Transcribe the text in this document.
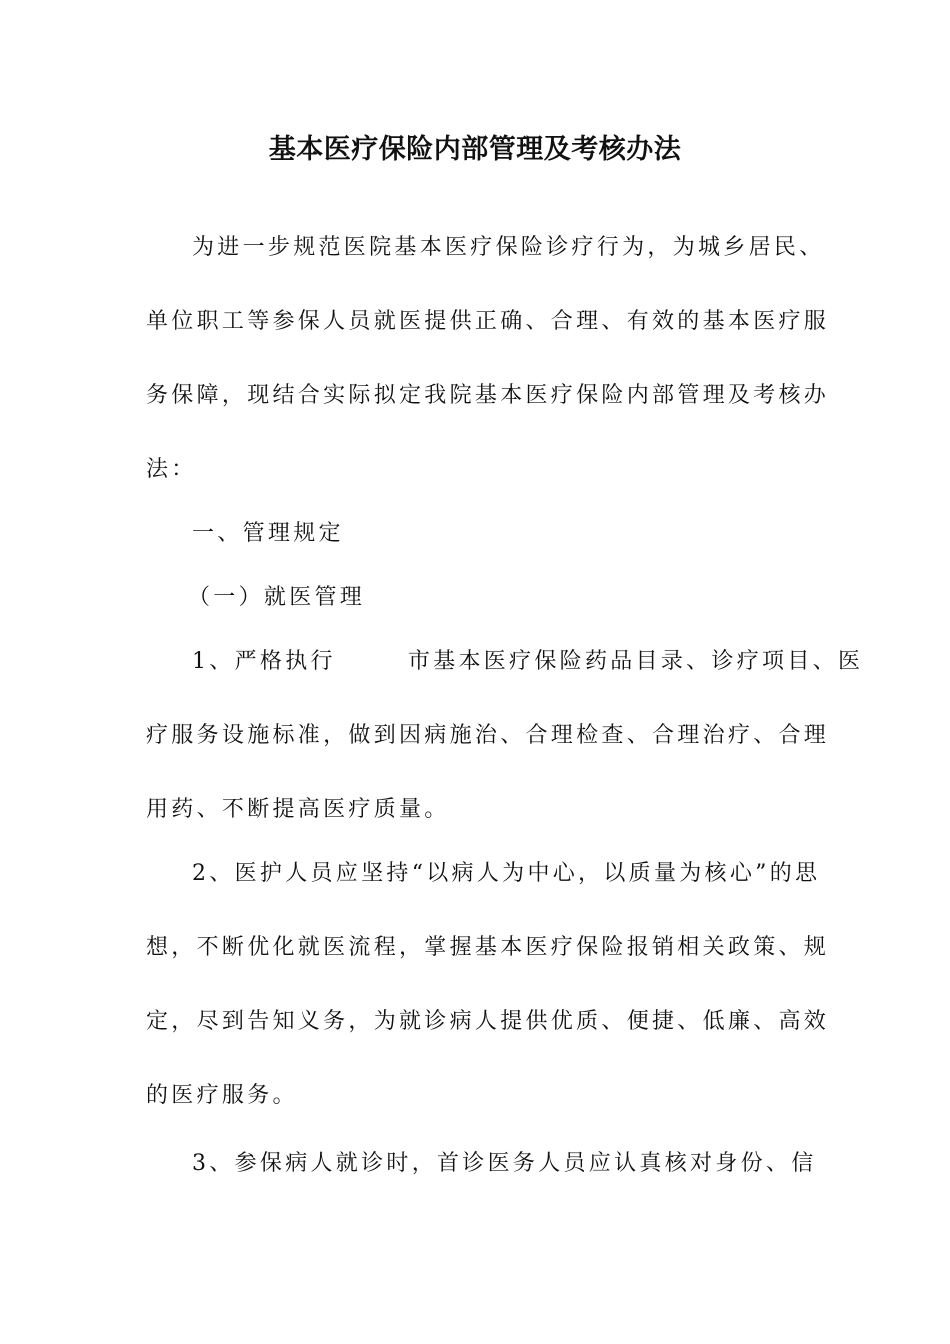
基本医疗保险内部管理及考核办法
为进一步规范医院基本医疗保险诊疗行为，为城乡居民、
单位职工等参保人员就医提供正确、合理、有效的基本医疗服
务保障，现结合实际拟定我院基本医疗保险内部管理及考核办
法：
一、管理规定
（一）就医管理
1、严格执行       市基本医疗保险药品目录、诊疗项目、医
疗服务设施标准，做到因病施治、合理检查、合理治疗、合理
用药、不断提高医疗质量。
2、医护人员应坚持“以病人为中心，以质量为核心”的思
想，不断优化就医流程，掌握基本医疗保险报销相关政策、规
定，尽到告知义务，为就诊病人提供优质、便捷、低廉、高效
的医疗服务。
3、参保病人就诊时，首诊医务人员应认真核对身份、信
